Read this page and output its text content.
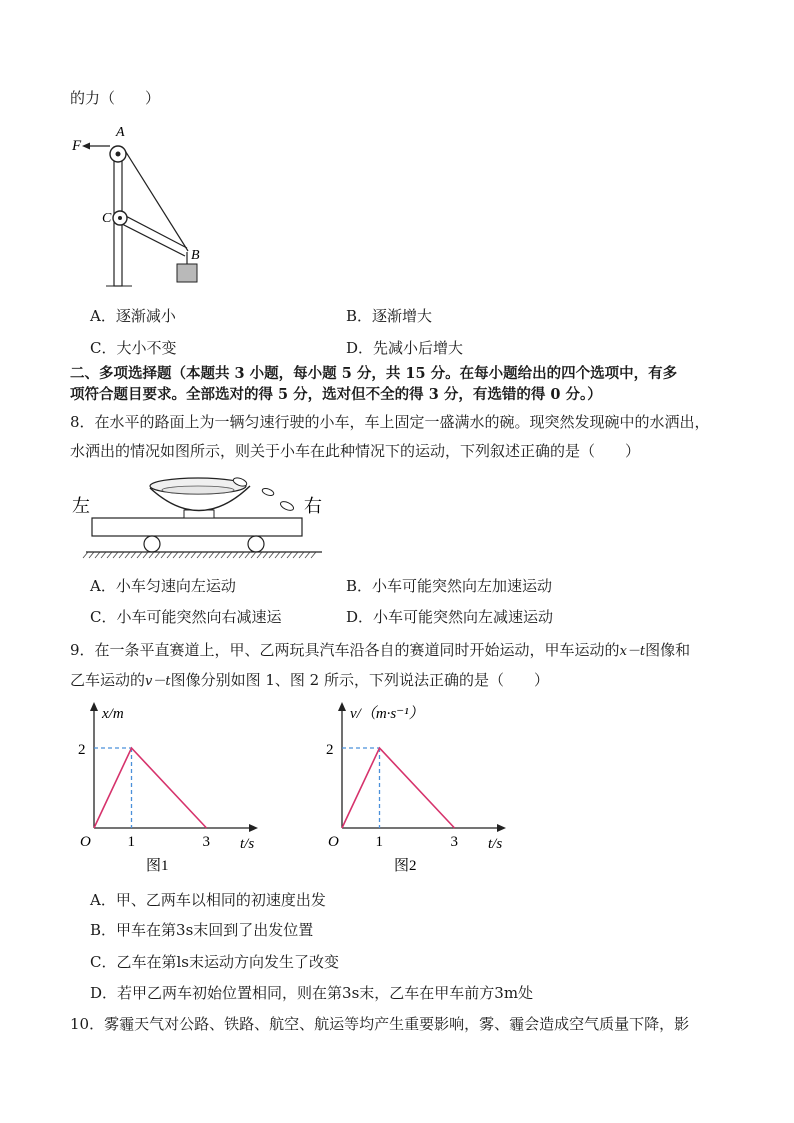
的力（　　）
F
A
C
B
A．逐渐减小	B．逐渐增大
C．大小不变	D．先减小后增大
二、多项选择题（本题共 3 小题，每小题 5 分，共 15 分。在每小题给出的四个选项中，有多
项符合题目要求。全部选对的得 5 分，选对但不全的得 3 分，有选错的得 0 分。）
8．在水平的路面上为一辆匀速行驶的小车，车上固定一盛满水的碗。现突然发现碗中的水洒出，
水洒出的情况如图所示，则关于小车在此种情况下的运动，下列叙述正确的是（　　）
左	右
A．小车匀速向左运动	B．小车可能突然向左加速运动
C．小车可能突然向右减速运	D．小车可能突然向左减速运动
9．在一条平直赛道上，甲、乙两玩具汽车沿各自的赛道同时开始运动，甲车运动的x－t图像和
乙车运动的v－t图像分别如图 1、图 2 所示，下列说法正确的是（　　）
x/m
t/s
O
2
1	3
图1
v/（m·s⁻¹）
t/s
O
2
1	3
图2
A．甲、乙两车以相同的初速度出发
B．甲车在第3s末回到了出发位置
C．乙车在第ls末运动方向发生了改变
D．若甲乙两车初始位置相同，则在第3s末，乙车在甲车前方3m处
10．雾霾天气对公路、铁路、航空、航运等均产生重要影响，雾、霾会造成空气质量下降，影
